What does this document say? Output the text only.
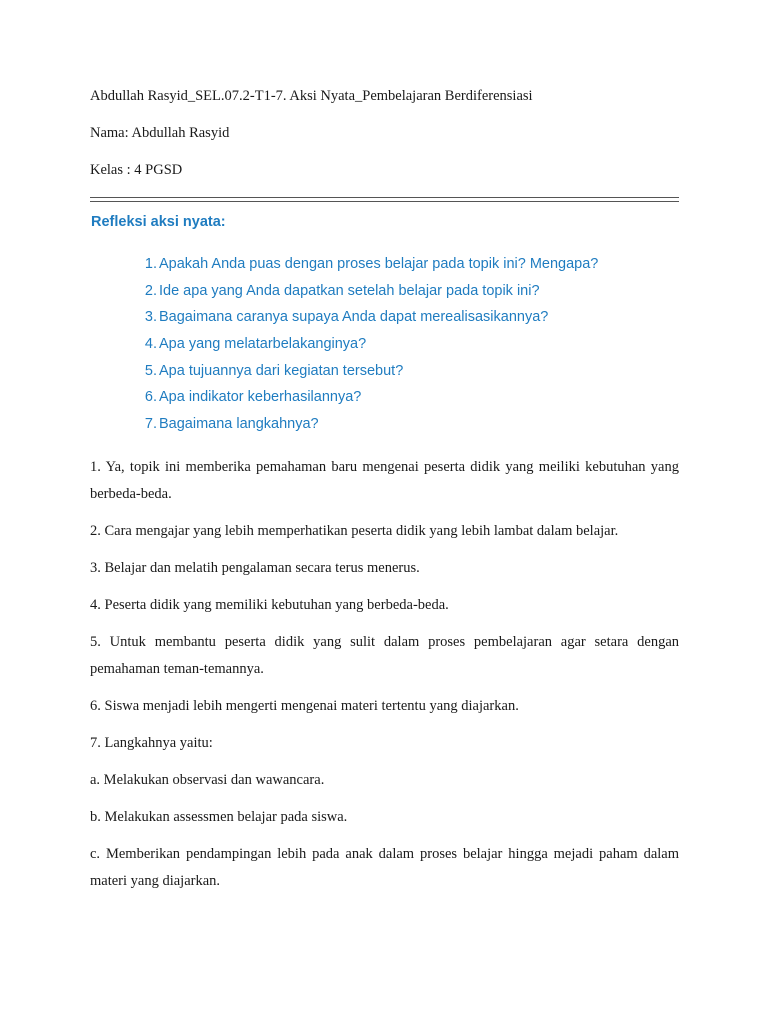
Abdullah Rasyid_SEL.07.2-T1-7. Aksi Nyata_Pembelajaran Berdiferensiasi
Nama: Abdullah Rasyid
Kelas : 4 PGSD
Refleksi aksi nyata:
1. Apakah Anda puas dengan proses belajar pada topik ini? Mengapa?
2. Ide apa yang Anda dapatkan setelah belajar pada topik ini?
3. Bagaimana caranya supaya Anda dapat merealisasikannya?
4. Apa yang melatarbelakanginya?
5. Apa tujuannya dari kegiatan tersebut?
6. Apa indikator keberhasilannya?
7. Bagaimana langkahnya?

1. Ya, topik ini memberika pemahaman baru mengenai peserta didik yang meiliki kebutuhan yang berbeda-beda.

2. Cara mengajar yang lebih memperhatikan peserta didik yang lebih lambat dalam belajar.

3. Belajar dan melatih pengalaman secara terus menerus.

4. Peserta didik yang memiliki kebutuhan yang berbeda-beda.

5. Untuk membantu peserta didik yang sulit dalam proses pembelajaran agar setara dengan pemahaman teman-temannya.

6. Siswa menjadi lebih mengerti mengenai materi tertentu yang diajarkan.

7. Langkahnya yaitu:

a. Melakukan observasi dan wawancara.

b. Melakukan assessmen belajar pada siswa.

c. Memberikan pendampingan lebih pada anak dalam proses belajar hingga mejadi paham dalam materi yang diajarkan.
